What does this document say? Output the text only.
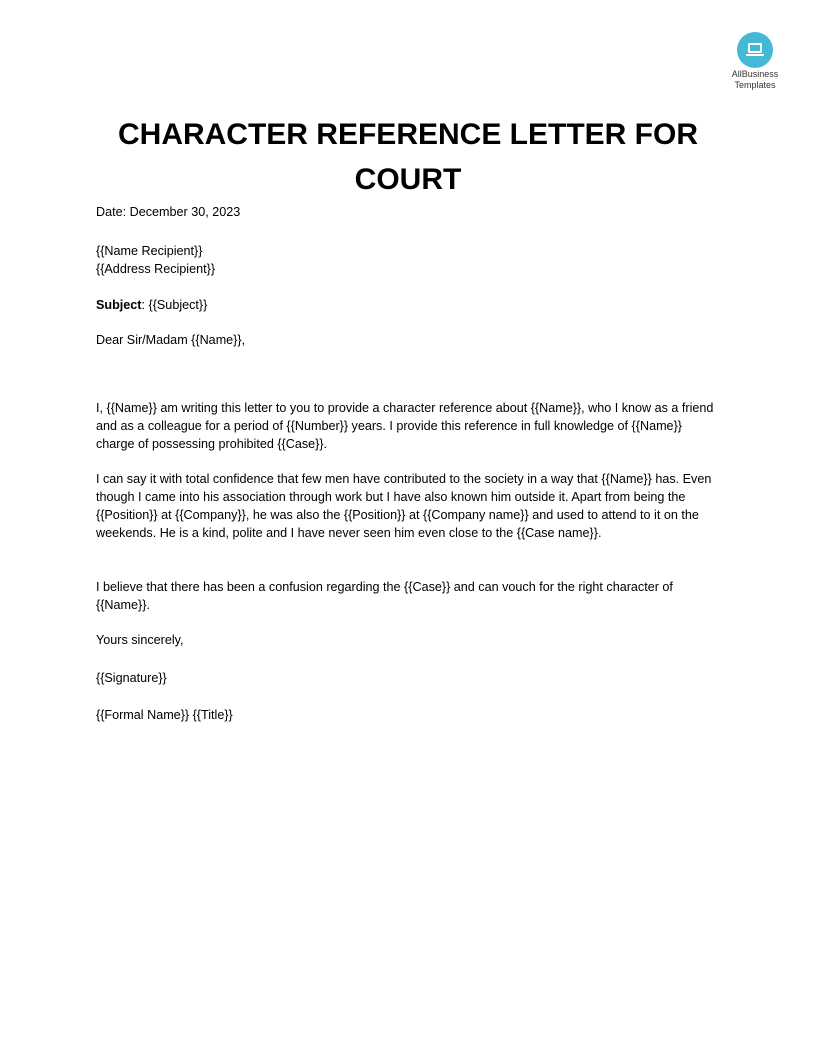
AllBusiness
Templates
CHARACTER REFERENCE LETTER FOR COURT

Date: December 30, 2023

{{Name Recipient}}

{{Address Recipient}}

Subject: {{Subject}}

Dear Sir/Madam {{Name}},

I, {{Name}} am writing this letter to you to provide a character reference about {{Name}}, who I know as a friend and as a colleague for a period of {{Number}} years. I provide this reference in full knowledge of {{Name}} charge of possessing prohibited {{Case}}.

I can say it with total confidence that few men have contributed to the society in a way that {{Name}} has. Even though I came into his association through work but I have also known him outside it. Apart from being the {{Position}} at {{Company}}, he was also the {{Position}} at {{Company name}} and used to attend to it on the weekends. He is a kind, polite and I have never seen him even close to the {{Case name}}.

I believe that there has been a confusion regarding the {{Case}} and can vouch for the right character of {{Name}}.

Yours sincerely,

{{Signature}}

{{Formal Name}} {{Title}}
